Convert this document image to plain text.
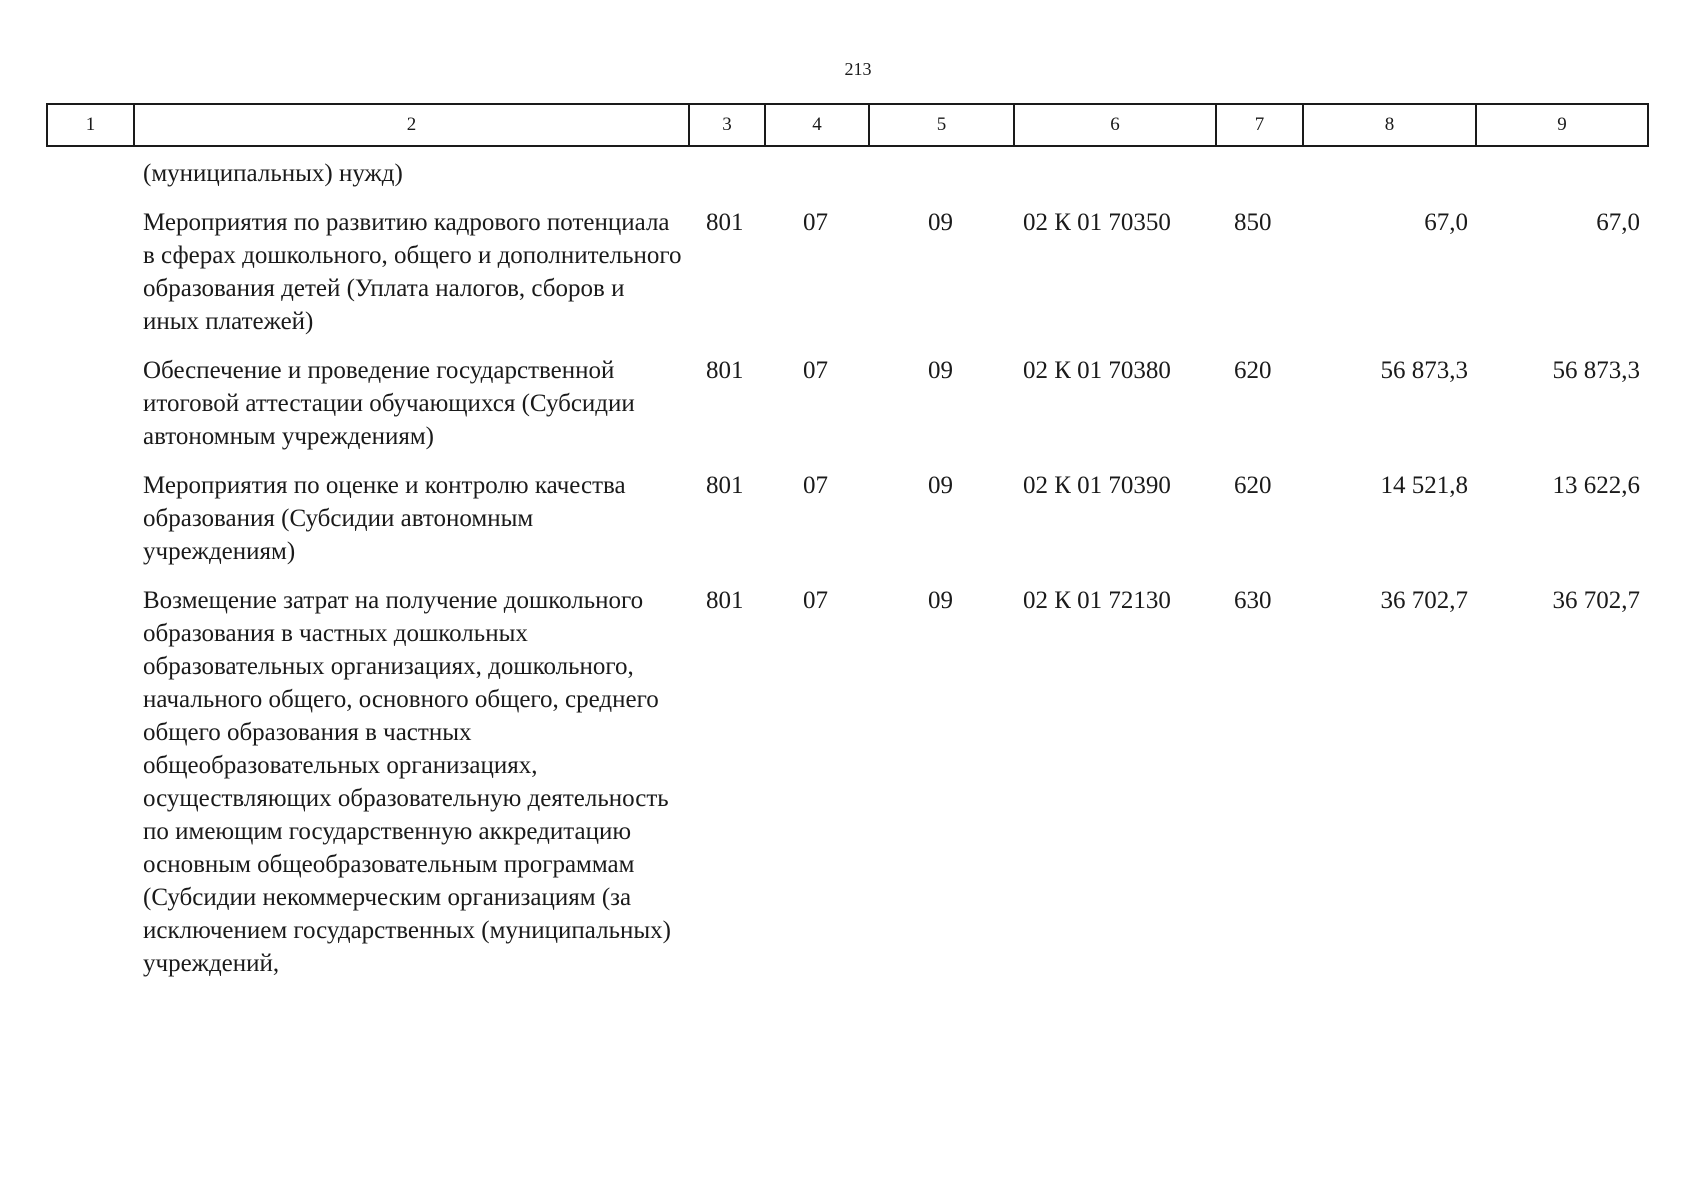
213
1	2	3	4	5	6	7	8	9
	(муниципальных) нужд)							
	Мероприятия по развитию кадрового потенциала в сферах дошкольного, общего и дополнительного образования детей (Уплата налогов, сборов и иных платежей)	801	07	09	02 К 01 70350	850	67,0	67,0
	Обеспечение и проведение государственной итоговой аттестации обучающихся (Субсидии автономным учреждениям)	801	07	09	02 К 01 70380	620	56 873,3	56 873,3
	Мероприятия по оценке и контролю качества образования (Субсидии автономным учреждениям)	801	07	09	02 К 01 70390	620	14 521,8	13 622,6
	Возмещение затрат на получение дошкольного образования в частных дошкольных образовательных организациях, дошкольного, начального общего, основного общего, среднего общего образования в частных общеобразовательных организациях, осуществляющих образовательную деятельность по имеющим государственную аккредитацию основным общеобразовательным программам (Субсидии некоммерческим организациям (за исключением государственных (муниципальных) учреждений,	801	07	09	02 К 01 72130	630	36 702,7	36 702,7
